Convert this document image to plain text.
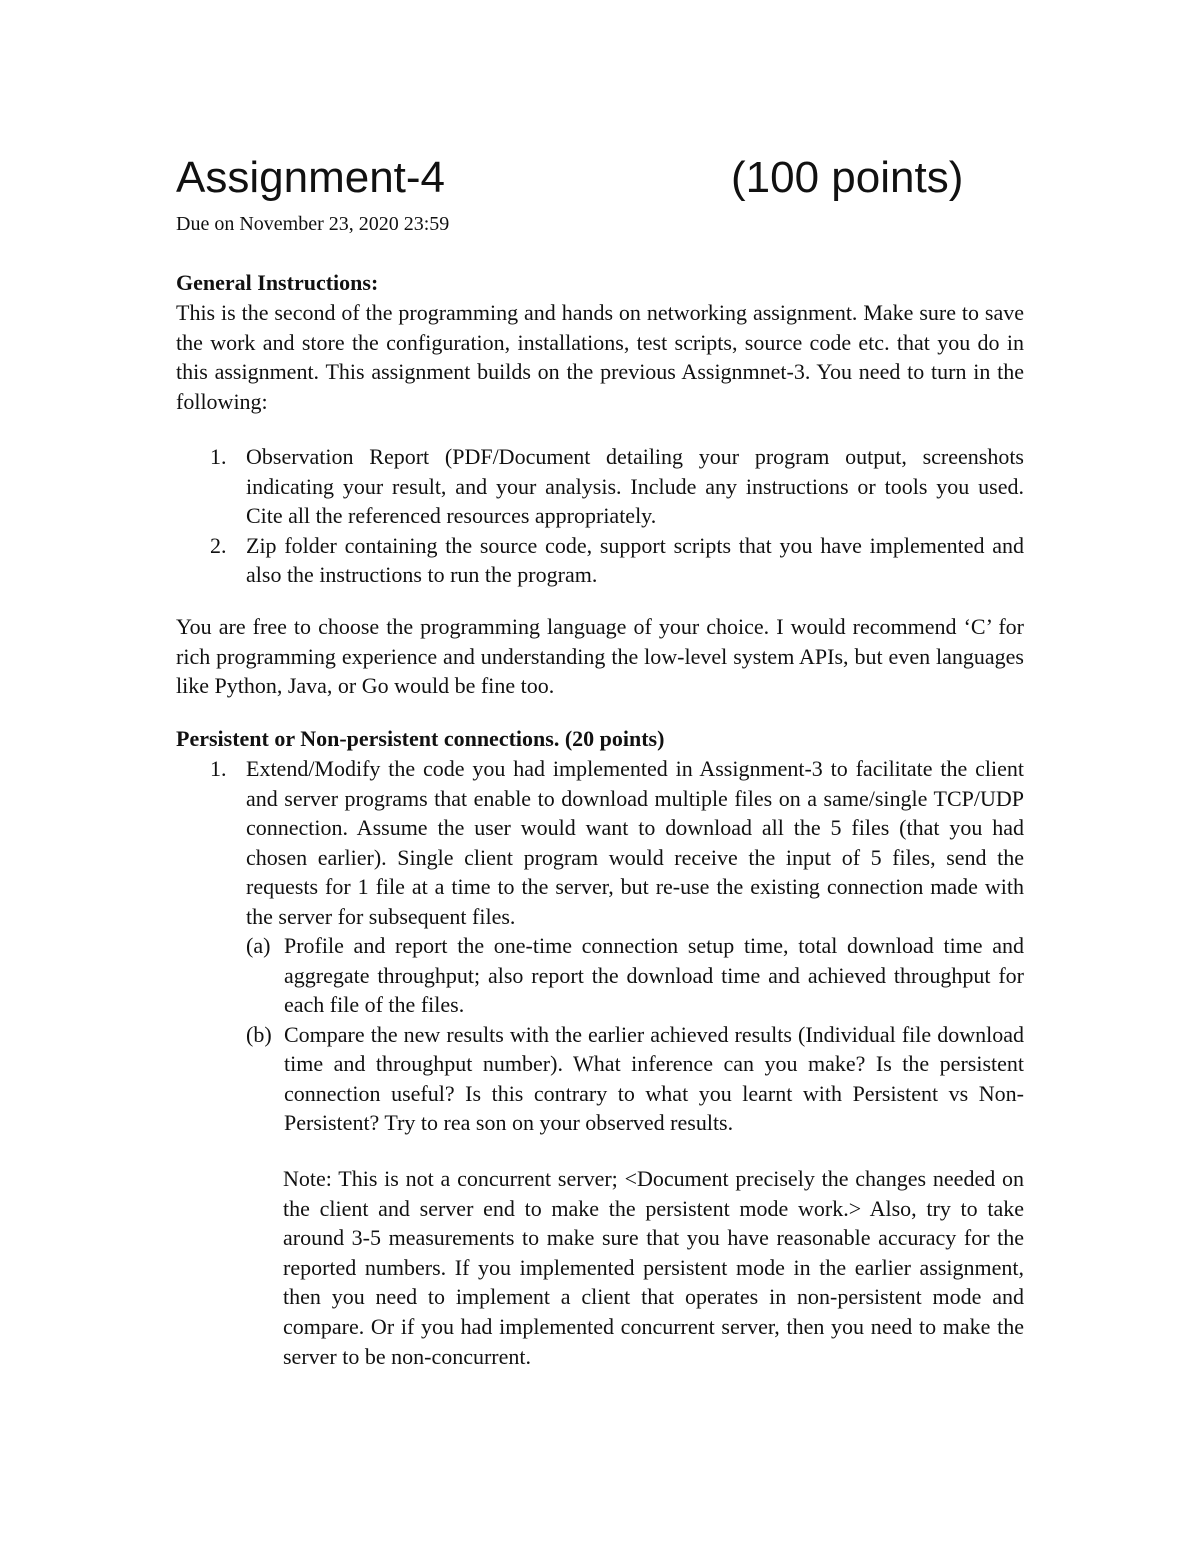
Assignment-4	(100 points)
Due on November 23, 2020 23:59
General Instructions:
This is the second of the programming and hands on networking assignment. Make sure to save the work and store the configuration, installations, test scripts, source code etc. that you do in this assignment. This assignment builds on the previous Assignmnet-3. You need to turn in the following:
1. Observation Report (PDF/Document detailing your program output, screenshots indicating your result, and your analysis. Include any instructions or tools you used. Cite all the referenced resources appropriately.
2. Zip folder containing the source code, support scripts that you have implemented and also the instructions to run the program.
You are free to choose the programming language of your choice. I would recommend ‘C’ for rich programming experience and understanding the low-level system APIs, but even languages like Python, Java, or Go would be fine too.
Persistent or Non-persistent connections. (20 points)
1. Extend/Modify the code you had implemented in Assignment-3 to facilitate the client and server programs that enable to download multiple files on a same/single TCP/UDP connection. Assume the user would want to download all the 5 files (that you had chosen earlier). Single client program would receive the input of 5 files, send the requests for 1 file at a time to the server, but re-use the existing connection made with the server for subsequent files.
(a) Profile and report the one-time connection setup time, total download time and aggregate throughput; also report the download time and achieved throughput for each file of the files.
(b) Compare the new results with the earlier achieved results (Individual file download time and throughput number). What inference can you make? Is the persistent connection useful? Is this contrary to what you learnt with Persistent vs Non-Persistent? Try to rea son on your observed results.
Note: This is not a concurrent server; <Document precisely the changes needed on the client and server end to make the persistent mode work.> Also, try to take around 3-5 measurements to make sure that you have reasonable accuracy for the reported numbers. If you implemented persistent mode in the earlier assignment, then you need to implement a client that operates in non-persistent mode and compare. Or if you had implemented concurrent server, then you need to make the server to be non-concurrent.
